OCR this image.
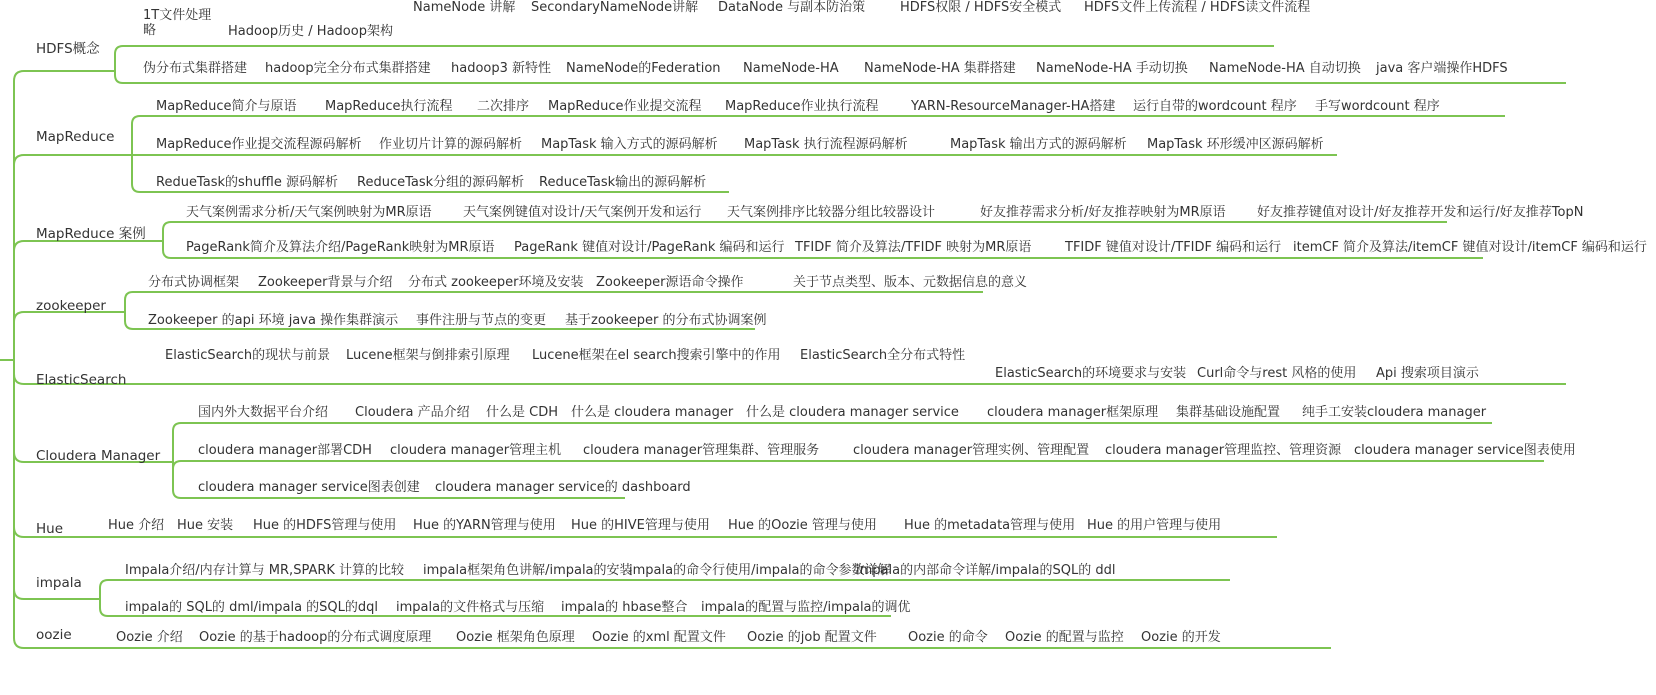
HDFS概念
1T文件处理略	Hadoop历史 / Hadoop架构
NameNode 讲解 SecondaryNameNode讲解 DataNode 与副本防治策	HDFS权限 / HDFS安全模式 HDFS文件上传流程 / HDFS读文件流程
伪分布式集群搭建 hadoop完全分布式集群搭建 hadoop3 新特性 NameNode的Federation NameNode-HA NameNode-HA 集群搭建 NameNode-HA 手动切换 NameNode-HA 自动切换 java 客户端操作HDFS
MapReduce
MapReduce简介与原语 MapReduce执行流程 二次排序 MapReduce作业提交流程 MapReduce作业执行流程 YARN-ResourceManager-HA搭建 运行自带的wordcount 程序 手写wordcount 程序
MapReduce作业提交流程源码解析 作业切片计算的源码解析 MapTask 输入方式的源码解析 MapTask 执行流程源码解析	MapTask 输出方式的源码解析 MapTask 环形缓冲区源码解析
RedueTask的shuffle 源码解析 ReduceTask分组的源码解析 ReduceTask输出的源码解析
MapReduce 案例
天气案例需求分析/天气案例映射为MR原语 天气案例键值对设计/天气案例开发和运行 天气案例排序比较器分组比较器设计	好友推荐需求分析/好友推荐映射为MR原语 好友推荐键值对设计/好友推荐开发和运行/好友推荐TopN
PageRank简介及算法介绍/PageRank映射为MR原语 PageRank 键值对设计/PageRank 编码和运行 TFIDF 简介及算法/TFIDF 映射为MR原语	TFIDF 键值对设计/TFIDF 编码和运行 itemCF 简介及算法/itemCF 键值对设计/itemCF 编码和运行
zookeeper
分布式协调框架 Zookeeper背景与介绍 分布式 zookeeper环境及安装 Zookeeper源语命令操作	关于节点类型、版本、元数据信息的意义
Zookeeper 的api 环境 java 操作集群演示 事件注册与节点的变更 基于zookeeper 的分布式协调案例
ElasticSearch
ElasticSearch的现状与前景 Lucene框架与倒排索引原理 Lucene框架在el search搜索引擎中的作用 ElasticSearch全分布式特性
ElasticSearch的环境要求与安装 Curl命令与rest 风格的使用 Api 搜索项目演示
Cloudera Manager
国内外大数据平台介绍 Cloudera 产品介绍 什么是 CDH 什么是 cloudera manager 什么是 cloudera manager service cloudera manager框架原理 集群基础设施配置 纯手工安装cloudera manager
cloudera manager部署CDH cloudera manager管理主机 cloudera manager管理集群、管理服务	cloudera manager管理实例、管理配置 cloudera manager管理监控、管理资源 cloudera manager service图表使用
cloudera manager service图表创建 cloudera manager service的 dashboard
Hue	Hue 介绍 Hue 安装 Hue 的HDFS管理与使用 Hue 的YARN管理与使用 Hue 的HIVE管理与使用 Hue 的Oozie 管理与使用 Hue 的metadata管理与使用 Hue 的用户管理与使用
impala
Impala介绍/内存计算与 MR,SPARK 计算的比较 impala框架角色讲解/impala的安装
impala的命令行使用/impala的命令参数详解
impala的内部命令详解/impala的SQL的 ddl
impala的 SQL的 dml/impala 的SQL的dql impala的文件格式与压缩 impala的 hbase整合 impala的配置与监控/impala的调优
oozie	Oozie 介绍 Oozie 的基于hadoop的分布式调度原理 Oozie 框架角色原理 Oozie 的xml 配置文件 Oozie 的job 配置文件 Oozie 的命令 Oozie 的配置与监控 Oozie 的开发
